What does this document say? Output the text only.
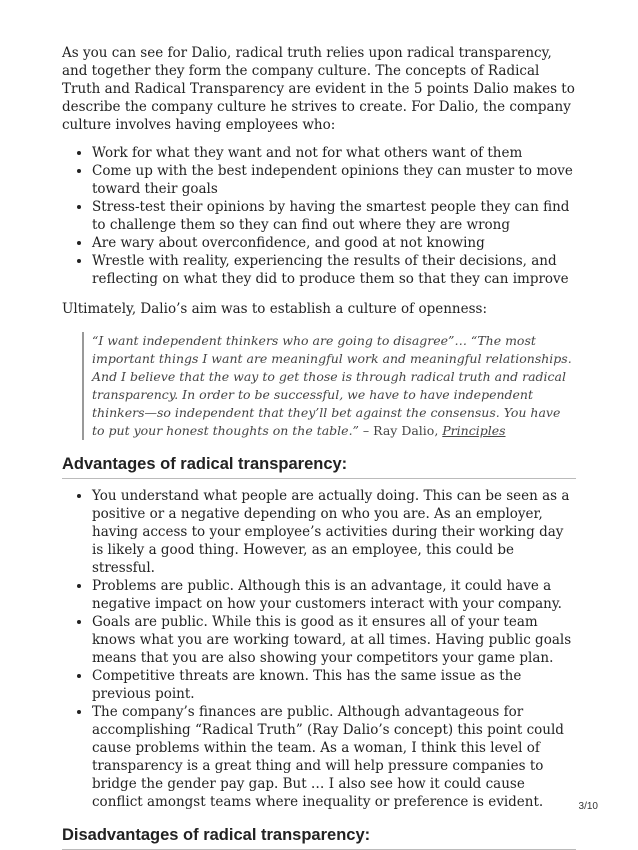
As you can see for Dalio, radical truth relies upon radical transparency, and together they form the company culture. The concepts of Radical Truth and Radical Transparency are evident in the 5 points Dalio makes to describe the company culture he strives to create. For Dalio, the company culture involves having employees who:

• Work for what they want and not for what others want of them
• Come up with the best independent opinions they can muster to move toward their goals
• Stress-test their opinions by having the smartest people they can find to challenge them so they can find out where they are wrong
• Are wary about overconfidence, and good at not knowing
• Wrestle with reality, experiencing the results of their decisions, and reflecting on what they did to produce them so that they can improve

Ultimately, Dalio’s aim was to establish a culture of openness:

“I want independent thinkers who are going to disagree”… “The most important things I want are meaningful work and meaningful relationships. And I believe that the way to get those is through radical truth and radical transparency. In order to be successful, we have to have independent thinkers—so independent that they’ll bet against the consensus. You have to put your honest thoughts on the table.” – Ray Dalio, Principles
Advantages of radical transparency:
• You understand what people are actually doing. This can be seen as a positive or a negative depending on who you are. As an employer, having access to your employee’s activities during their working day is likely a good thing. However, as an employee, this could be stressful.
• Problems are public. Although this is an advantage, it could have a negative impact on how your customers interact with your company.
• Goals are public. While this is good as it ensures all of your team knows what you are working toward, at all times. Having public goals means that you are also showing your competitors your game plan.
• Competitive threats are known. This has the same issue as the previous point.
• The company’s finances are public. Although advantageous for accomplishing “Radical Truth” (Ray Dalio’s concept) this point could cause problems within the team. As a woman, I think this level of transparency is a great thing and will help pressure companies to bridge the gender pay gap. But … I also see how it could cause conflict amongst teams where inequality or preference is evident.
Disadvantages of radical transparency:
3/10
